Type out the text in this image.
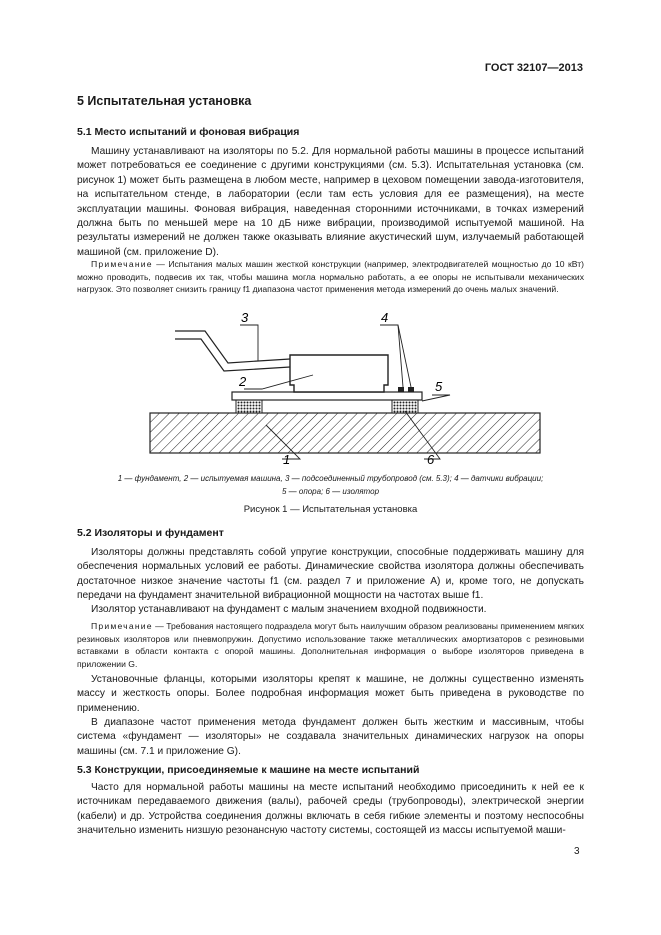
ГОСТ 32107—2013
5 Испытательная установка
5.1 Место испытаний и фоновая вибрация

Машину устанавливают на изоляторы по 5.2. Для нормальной работы машины в процессе испытаний может потребоваться ее соединение с другими конструкциями (см. 5.3). Испытательная установка (см. рисунок 1) может быть размещена в любом месте, например в цеховом помещении завода-изготовителя, на испытательном стенде, в лаборатории (если там есть условия для ее размещения), на месте эксплуатации машины. Фоновая вибрация, наведенная сторонними источниками, в точках измерений должна быть по меньшей мере на 10 дБ ниже вибрации, производимой испытуемой машиной. На результаты измерений не должен также оказывать влияние акустический шум, излучаемый работающей машиной (см. приложение D).

Примечание — Испытания малых машин жесткой конструкции (например, электродвигателей мощностью до 10 кВт) можно проводить, подвесив их так, чтобы машина могла нормально работать, а ее опоры не испытывали механических нагрузок. Это позволяет снизить границу f1 диапазона частот применения метода измерений до очень малых значений.

3
2
4
5
6
1
1 — фундамент, 2 — испытуемая машина, 3 — подсоединенный трубопровод (см. 5.3); 4 — датчики вибрации;
5 — опора; 6 — изолятор
Рисунок 1 — Испытательная установка
5.2 Изоляторы и фундамент

Изоляторы должны представлять собой упругие конструкции, способные поддерживать машину для обеспечения нормальных условий ее работы. Динамические свойства изолятора должны обеспечивать достаточное низкое значение частоты f1 (см. раздел 7 и приложение А) и, кроме того, не допускать передачи на фундамент значительной вибрационной мощности на частотах выше f1.

Изолятор устанавливают на фундамент с малым значением входной подвижности.

Примечание — Требования настоящего подраздела могут быть наилучшим образом реализованы применением мягких резиновых изоляторов или пневмопружин. Допустимо использование также металлических амортизаторов с резиновыми вставками в области контакта с опорой машины. Дополнительная информация о выборе изоляторов приведена в приложении G.

Установочные фланцы, которыми изоляторы крепят к машине, не должны существенно изменять массу и жесткость опоры. Более подробная информация может быть приведена в руководстве по применению.

В диапазоне частот применения метода фундамент должен быть жестким и массивным, чтобы система «фундамент — изоляторы» не создавала значительных динамических нагрузок на опоры машины (см. 7.1 и приложение G).

5.3 Конструкции, присоединяемые к машине на месте испытаний

Часто для нормальной работы машины на месте испытаний необходимо присоединить к ней ее к источникам передаваемого движения (валы), рабочей среды (трубопроводы), электрической энергии (кабели) и др. Устройства соединения должны включать в себя гибкие элементы и поэтому неспособны значительно изменить низшую резонансную частоту системы, состоящей из массы испытуемой маши-

3
